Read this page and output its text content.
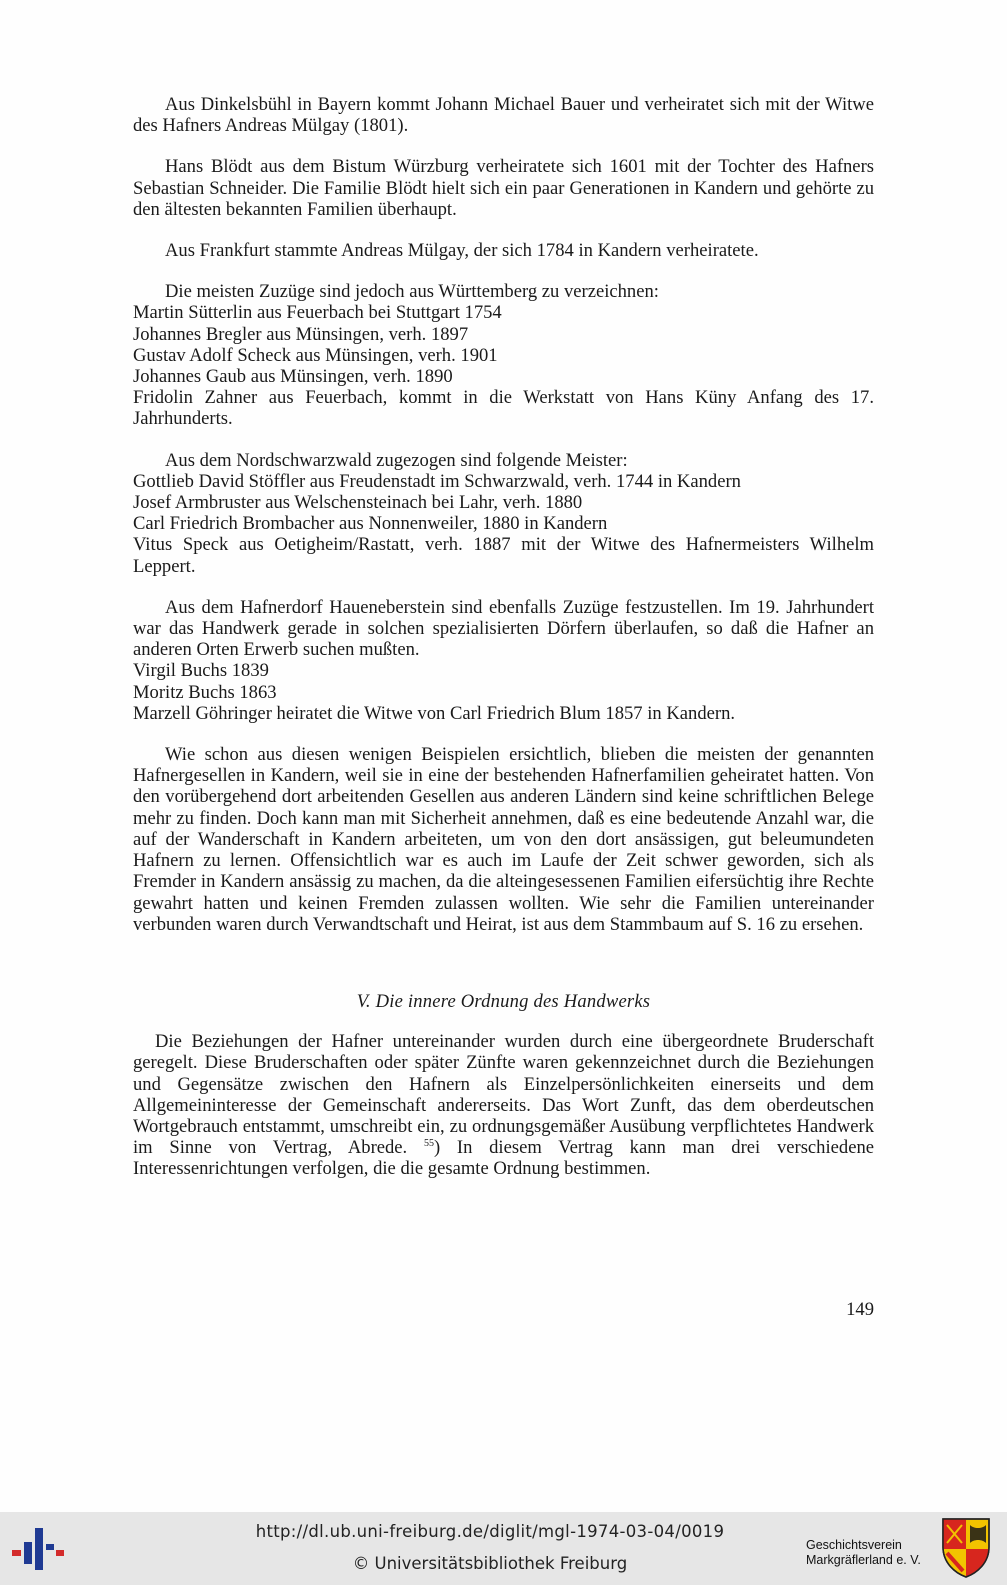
Aus Dinkelsbühl in Bayern kommt Johann Michael Bauer und verheiratet sich mit der Witwe des Hafners Andreas Mülgay (1801).

Hans Blödt aus dem Bistum Würzburg verheiratete sich 1601 mit der Tochter des Hafners Sebastian Schneider. Die Familie Blödt hielt sich ein paar Generationen in Kandern und gehörte zu den ältesten bekannten Familien überhaupt.

Aus Frankfurt stammte Andreas Mülgay, der sich 1784 in Kandern verheiratete.

Die meisten Zuzüge sind jedoch aus Württemberg zu verzeichnen:

Martin Sütterlin aus Feuerbach bei Stuttgart 1754

Johannes Bregler aus Münsingen, verh. 1897

Gustav Adolf Scheck aus Münsingen, verh. 1901

Johannes Gaub aus Münsingen, verh. 1890

Fridolin Zahner aus Feuerbach, kommt in die Werkstatt von Hans Küny Anfang des 17. Jahrhunderts.

Aus dem Nordschwarzwald zugezogen sind folgende Meister:

Gottlieb David Stöffler aus Freudenstadt im Schwarzwald, verh. 1744 in Kandern

Josef Armbruster aus Welschensteinach bei Lahr, verh. 1880

Carl Friedrich Brombacher aus Nonnenweiler, 1880 in Kandern

Vitus Speck aus Oetigheim/Rastatt, verh. 1887 mit der Witwe des Hafnermeisters Wilhelm Leppert.

Aus dem Hafnerdorf Haueneberstein sind ebenfalls Zuzüge festzustellen. Im 19. Jahrhundert war das Handwerk gerade in solchen spezialisierten Dörfern überlaufen, so daß die Hafner an anderen Orten Erwerb suchen mußten.

Virgil Buchs 1839

Moritz Buchs 1863

Marzell Göhringer heiratet die Witwe von Carl Friedrich Blum 1857 in Kandern.

Wie schon aus diesen wenigen Beispielen ersichtlich, blieben die meisten der genannten Hafnergesellen in Kandern, weil sie in eine der bestehenden Hafnerfamilien geheiratet hatten. Von den vorübergehend dort arbeitenden Gesellen aus anderen Ländern sind keine schriftlichen Belege mehr zu finden. Doch kann man mit Sicherheit annehmen, daß es eine bedeutende Anzahl war, die auf der Wanderschaft in Kandern arbeiteten, um von den dort ansässigen, gut beleumundeten Hafnern zu lernen. Offensichtlich war es auch im Laufe der Zeit schwer geworden, sich als Fremder in Kandern ansässig zu machen, da die alteingesessenen Familien eifersüchtig ihre Rechte gewahrt hatten und keinen Fremden zulassen wollten. Wie sehr die Familien untereinander verbunden waren durch Verwandtschaft und Heirat, ist aus dem Stammbaum auf S. 16 zu ersehen.

V. Die innere Ordnung des Handwerks

Die Beziehungen der Hafner untereinander wurden durch eine übergeordnete Bruderschaft geregelt. Diese Bruderschaften oder später Zünfte waren gekennzeichnet durch die Beziehungen und Gegensätze zwischen den Hafnern als Einzelpersönlichkeiten einerseits und dem Allgemeininteresse der Gemeinschaft andererseits. Das Wort Zunft, das dem oberdeutschen Wortgebrauch entstammt, umschreibt ein, zu ordnungsgemäßer Ausübung verpflichtetes Handwerk im Sinne von Vertrag, Abrede. $^{55}$) In diesem Vertrag kann man drei verschiedene Interessenrichtungen verfolgen, die die gesamte Ordnung bestimmen.

149
http://dl.ub.uni-freiburg.de/diglit/mgl-1974-03-04/0019
© Universitätsbibliothek Freiburg
Geschichtsverein
Markgräflerland e. V.
